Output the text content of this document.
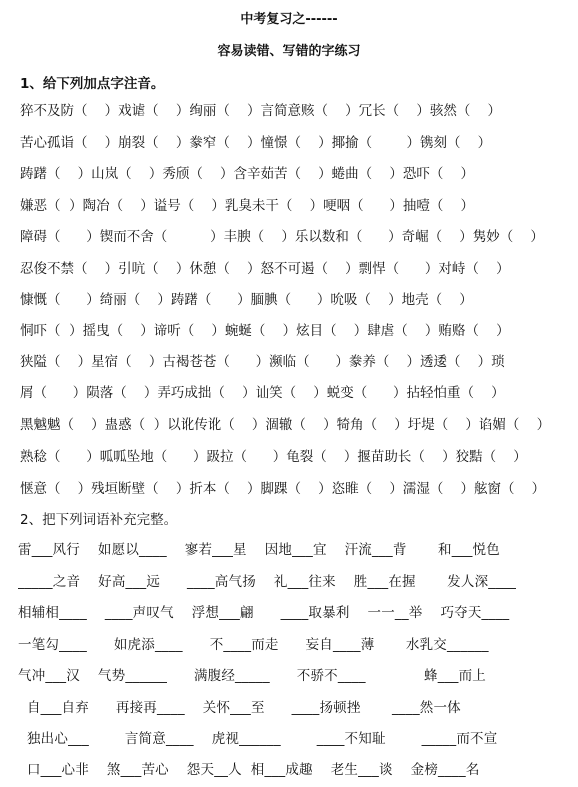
中考复习之------
容易读错、写错的字练习
1、给下列加点字注音。
猝不及防（    ）戏谑（    ）绚丽（    ）言简意赅（    ）冗长（    ）骇然（    ）
苦心孤诣（    ）崩裂（    ）豢窄（    ）憧憬（    ）揶揄（        ）镌刻（    ）
踌躇（    ）山岚（    ）秀颀（    ）含辛茹苦（    ）蜷曲（    ）恐吓（    ）
嫌恶（  ）陶冶（    ）谥号（    ）乳臭未干（    ）哽咽（      ）抽噎（    ）
障碍（      ）锲而不舍（          ）丰腴（    ）乐以数和（      ）奇崛（    ）隽妙（    ）
忍俊不禁（    ）引吭（    ）休憩（    ）怒不可遏（    ）剽悍（      ）对峙（    ）
慷慨（      ）绮丽（    ）踌躇（      ）腼腆（      ）吮吸（    ）地壳（    ）
恫吓（  ）摇曳（    ）谛听（    ）蜿蜒（    ）炫目（    ）肆虐（    ）贿赂（    ）
狭隘（    ）星宿（    ）古褐苍苍（      ）濒临（      ）豢养（    ）透逶（    ）琐
屑（      ）陨落（    ）弄巧成拙（    ）讪笑（    ）蜕变（      ）拈轻怕重（    ）
黑魆魆（    ）蛊惑（  ）以讹传讹（    ）涸辙（    ）犄角（    ）圩堤（    ）谄媚（    ）
熟稔（      ）呱呱坠地（      ）趿拉（      ）龟裂（    ）揠苗助长（    ）狡黠（    ）
惬意（    ）残垣断壁（    ）折本（    ）脚踝（    ）恣睢（    ）濡湿（    ）舷窗（    ）
2、把下列词语补充完整。
雷___风行    如愿以____    寥若___星    因地___宜    汗流___背       和___悦色
_____之音    好高___远      ____高气扬    礼___往来    胜___在握       发人深____
相辅相____    ____声叹气    浮想___翩      ____取暴利    一一__举    巧夺天____
一笔勾____      如虎添____      不____而走      妄自____薄       水乳交______
气冲___汉    气势______      满腹经_____      不骄不____             蜂___而上
自___自弃      再接再____    关怀___至      ____扬顿挫       ____然一体
独出心___        言简意____    虎视______        ____不知耻        _____而不宣
口___心非    煞___苦心    怨天__人  相___成趣    老生___谈    金榜____名
